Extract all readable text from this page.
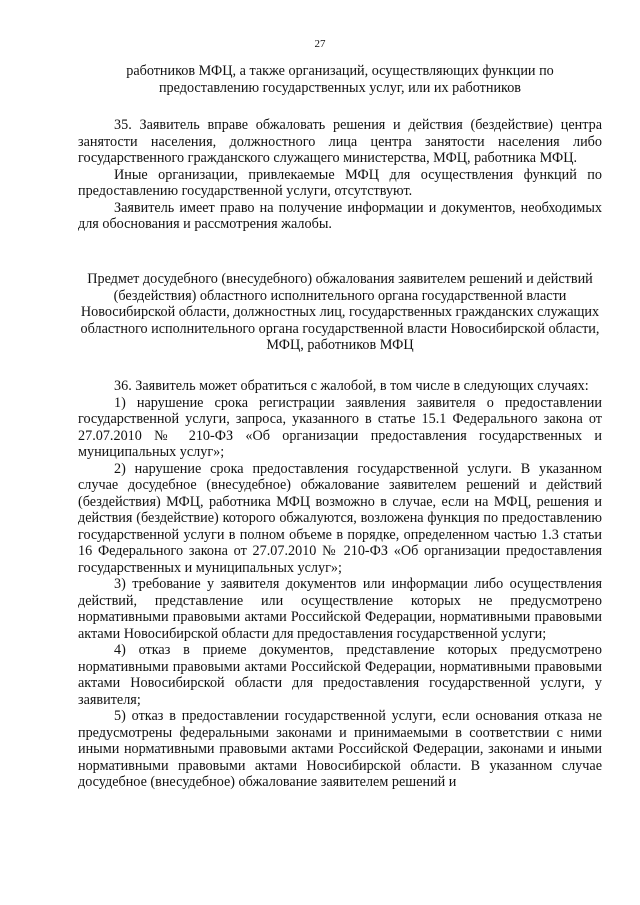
27
работников МФЦ, а также организаций, осуществляющих функции по предоставлению государственных услуг, или их работников

35. Заявитель вправе обжаловать решения и действия (бездействие) центра занятости населения, должностного лица центра занятости населения либо государственного гражданского служащего министерства, МФЦ, работника МФЦ.

Иные организации, привлекаемые МФЦ для осуществления функций по предоставлению государственной услуги, отсутствуют.

Заявитель имеет право на получение информации и документов, необходимых для обоснования и рассмотрения жалобы.

Предмет досудебного (внесудебного) обжалования заявителем решений и действий (бездействия) областного исполнительного органа государственной власти Новосибирской области, должностных лиц, государственных гражданских служащих областного исполнительного органа государственной власти Новосибирской области, МФЦ, работников МФЦ

36. Заявитель может обратиться с жалобой, в том числе в следующих случаях:

1) нарушение срока регистрации заявления заявителя о предоставлении государственной услуги, запроса, указанного в статье 15.1 Федерального закона от 27.07.2010 № 210-ФЗ «Об организации предоставления государственных и муниципальных услуг»;

2) нарушение срока предоставления государственной услуги. В указанном случае досудебное (внесудебное) обжалование заявителем решений и действий (бездействия) МФЦ, работника МФЦ возможно в случае, если на МФЦ, решения и действия (бездействие) которого обжалуются, возложена функция по предоставлению государственной услуги в полном объеме в порядке, определенном частью 1.3 статьи 16 Федерального закона от 27.07.2010 № 210-ФЗ «Об организации предоставления государственных и муниципальных услуг»;

3) требование у заявителя документов или информации либо осуществления действий, представление или осуществление которых не предусмотрено нормативными правовыми актами Российской Федерации, нормативными правовыми актами Новосибирской области для предоставления государственной услуги;

4) отказ в приеме документов, представление которых предусмотрено нормативными правовыми актами Российской Федерации, нормативными правовыми актами Новосибирской области для предоставления государственной услуги, у заявителя;

5) отказ в предоставлении государственной услуги, если основания отказа не предусмотрены федеральными законами и принимаемыми в соответствии с ними иными нормативными правовыми актами Российской Федерации, законами и иными нормативными правовыми актами Новосибирской области. В указанном случае досудебное (внесудебное) обжалование заявителем решений и
